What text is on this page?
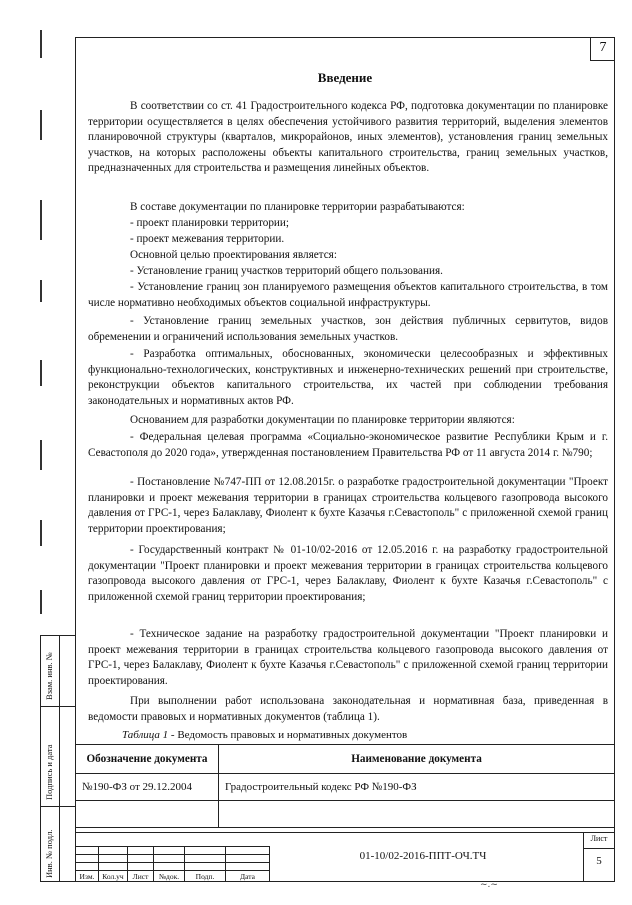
7
Введение
В соответствии со ст. 41 Градостроительного кодекса РФ, подготовка документации по планировке территории осуществляется в целях обеспечения устойчивого развития территорий, выделения элементов планировочной структуры (кварталов, микрорайонов, иных элементов), установления границ земельных участков, на которых расположены объекты капитального строительства, границ земельных участков, предназначенных для строительства и размещения линейных объектов.
В составе документации по планировке территории разрабатываются:
- проект планировки территории;
- проект межевания территории.
Основной целью проектирования является:
- Установление границ участков территорий общего пользования.
- Установление границ зон планируемого размещения объектов капитального строительства, в том числе нормативно необходимых объектов социальной инфраструктуры.
- Установление границ земельных участков, зон действия публичных сервитутов, видов обременении и ограничений использования земельных участков.
- Разработка оптимальных, обоснованных, экономически целесообразных и эффективных функционально-технологических, конструктивных и инженерно-технических решений при строительстве, реконструкции объектов капитального строительства, их частей при соблюдении требования законодательных и нормативных актов РФ.
Основанием для разработки документации по планировке территории являются:
- Федеральная целевая программа «Социально-экономическое развитие Республики Крым и г. Севастополя до 2020 года», утвержденная постановлением Правительства РФ от 11 августа 2014 г. №790;
- Постановление №747-ПП от 12.08.2015г. о разработке градостроительной документации "Проект планировки и проект межевания территории в границах строительства кольцевого газопровода высокого давления от ГРС-1, через Балаклаву, Фиолент к бухте Казачья г.Севастополь" с приложенной схемой границ территории проектирования;
- Государственный контракт № 01-10/02-2016 от 12.05.2016 г. на разработку градостроительной документации "Проект планировки и проект межевания территории в границах строительства кольцевого газопровода высокого давления от ГРС-1, через Балаклаву, Фиолент к бухте Казачья г.Севастополь" с приложенной схемой границ территории проектирования;
- Техническое задание на разработку градостроительной документации "Проект планировки и проект межевания территории в границах строительства кольцевого газопровода высокого давления от ГРС-1, через Балаклаву, Фиолент к бухте Казачья г.Севастополь" с приложенной схемой границ территории проектирования.
При выполнении работ использована законодательная и нормативная база, приведенная в ведомости правовых и нормативных документов (таблица 1).
Таблица 1 - Ведомость правовых и нормативных документов
Обозначение документа	Наименование документа
№190-ФЗ от 29.12.2004	Градостроительный кодекс РФ №190-ФЗ

Изм.	Кол.уч	Лист	№док.	Подп.	Дата
01-10/02-2016-ППТ-ОЧ.ТЧ
Лист
5
Взам. инв. №
Подпись и дата
Инв. № подл.
~.~
